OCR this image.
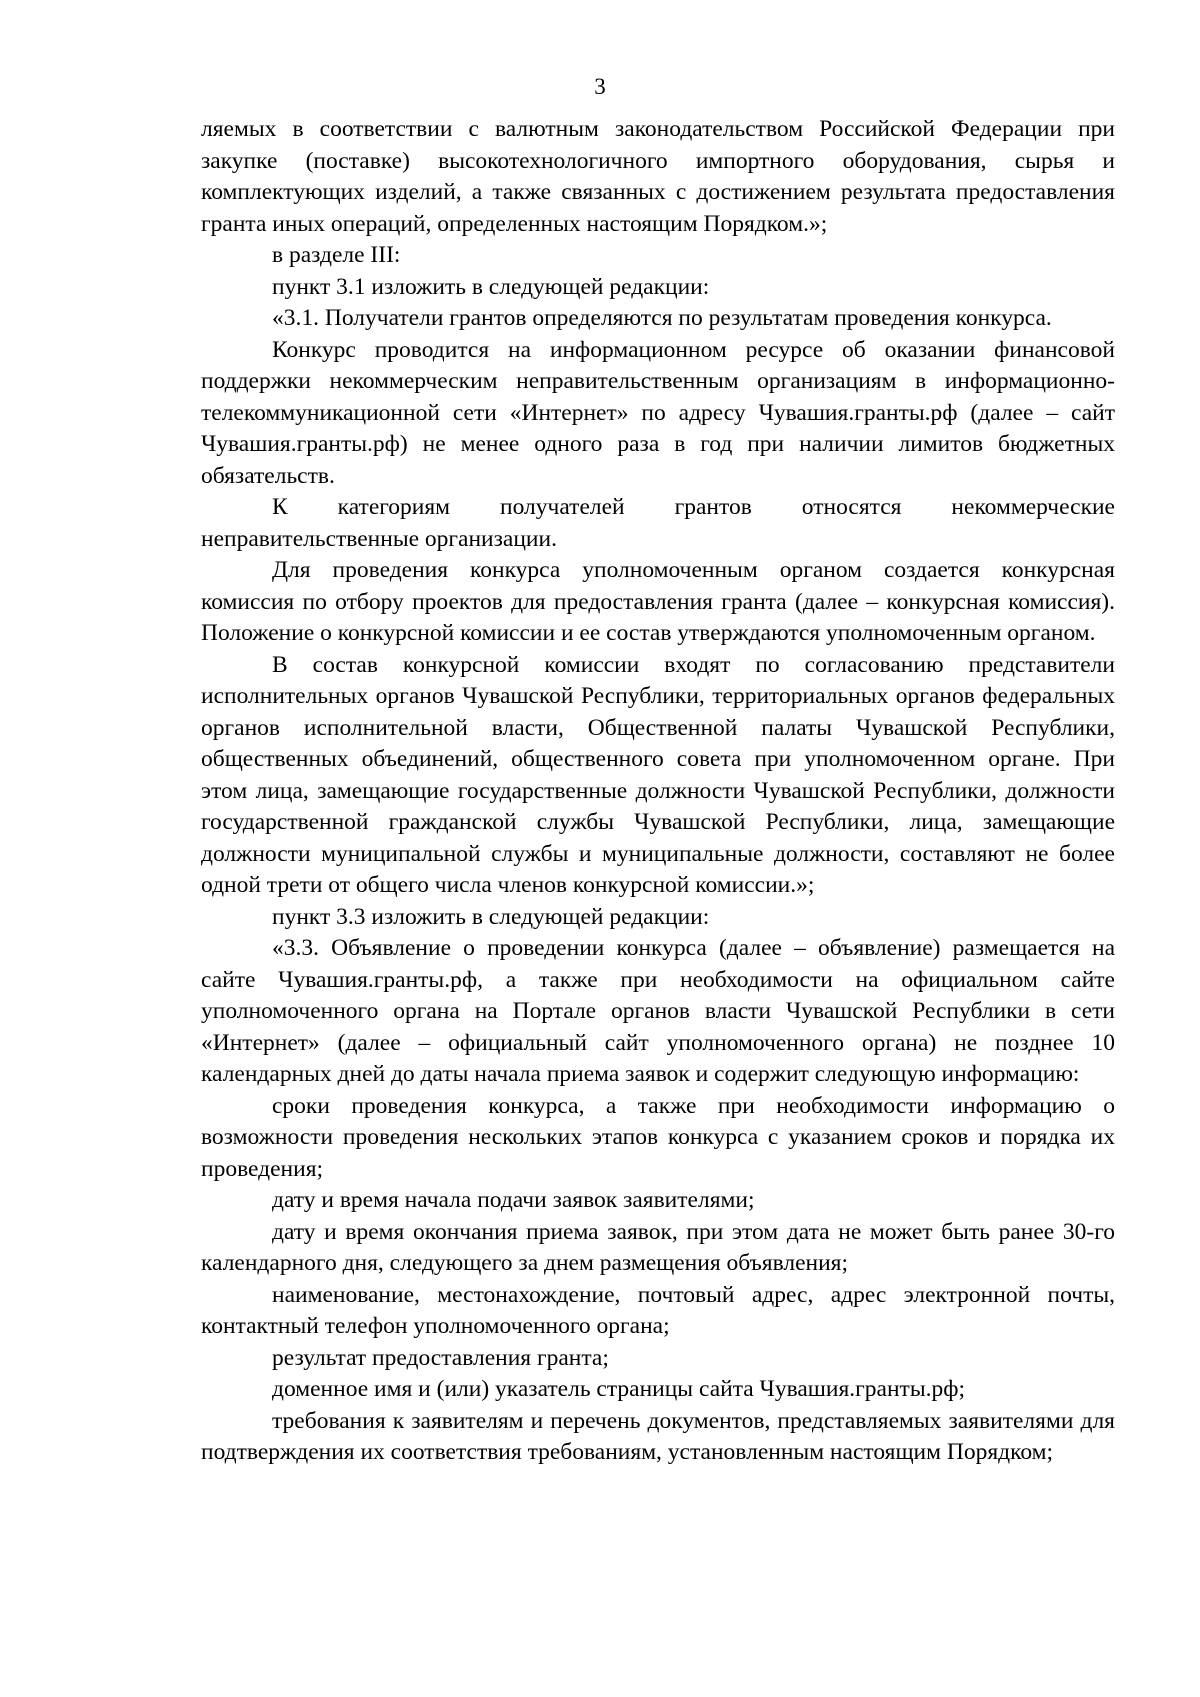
3

ляемых в соответствии с валютным законодательством Российской Федерации при закупке (поставке) высокотехнологичного импортного оборудования, сырья и комплектующих изделий, а также связанных с достижением результата предоставления гранта иных операций, определенных настоящим Порядком.»;

в разделе III:

пункт 3.1 изложить в следующей редакции:

«3.1. Получатели грантов определяются по результатам проведения конкурса.

Конкурс проводится на информационном ресурсе об оказании финансовой поддержки некоммерческим неправительственным организациям в информационно-телекоммуникационной сети «Интернет» по адресу Чувашия.гранты.рф (далее – сайт Чувашия.гранты.рф) не менее одного раза в год при наличии лимитов бюджетных обязательств.

К категориям получателей грантов относятся некоммерческие неправительственные организации.

Для проведения конкурса уполномоченным органом создается конкурсная комиссия по отбору проектов для предоставления гранта (далее – конкурсная комиссия). Положение о конкурсной комиссии и ее состав утверждаются уполномоченным органом.

В состав конкурсной комиссии входят по согласованию представители исполнительных органов Чувашской Республики, территориальных органов федеральных органов исполнительной власти, Общественной палаты Чувашской Республики, общественных объединений, общественного совета при уполномоченном органе. При этом лица, замещающие государственные должности Чувашской Республики, должности государственной гражданской службы Чувашской Республики, лица, замещающие должности муниципальной службы и муниципальные должности, составляют не более одной трети от общего числа членов конкурсной комиссии.»;

пункт 3.3 изложить в следующей редакции:

«3.3. Объявление о проведении конкурса (далее – объявление) размещается на сайте Чувашия.гранты.рф, а также при необходимости на официальном сайте уполномоченного органа на Портале органов власти Чувашской Республики в сети «Интернет» (далее – официальный сайт уполномоченного органа) не позднее 10 календарных дней до даты начала приема заявок и содержит следующую информацию:

сроки проведения конкурса, а также при необходимости информацию о возможности проведения нескольких этапов конкурса с указанием сроков и порядка их проведения;

дату и время начала подачи заявок заявителями;

дату и время окончания приема заявок, при этом дата не может быть ранее 30-го календарного дня, следующего за днем размещения объявления;

наименование, местонахождение, почтовый адрес, адрес электронной почты, контактный телефон уполномоченного органа;

результат предоставления гранта;

доменное имя и (или) указатель страницы сайта Чувашия.гранты.рф;

требования к заявителям и перечень документов, представляемых заявителями для подтверждения их соответствия требованиям, установленным настоящим Порядком;
